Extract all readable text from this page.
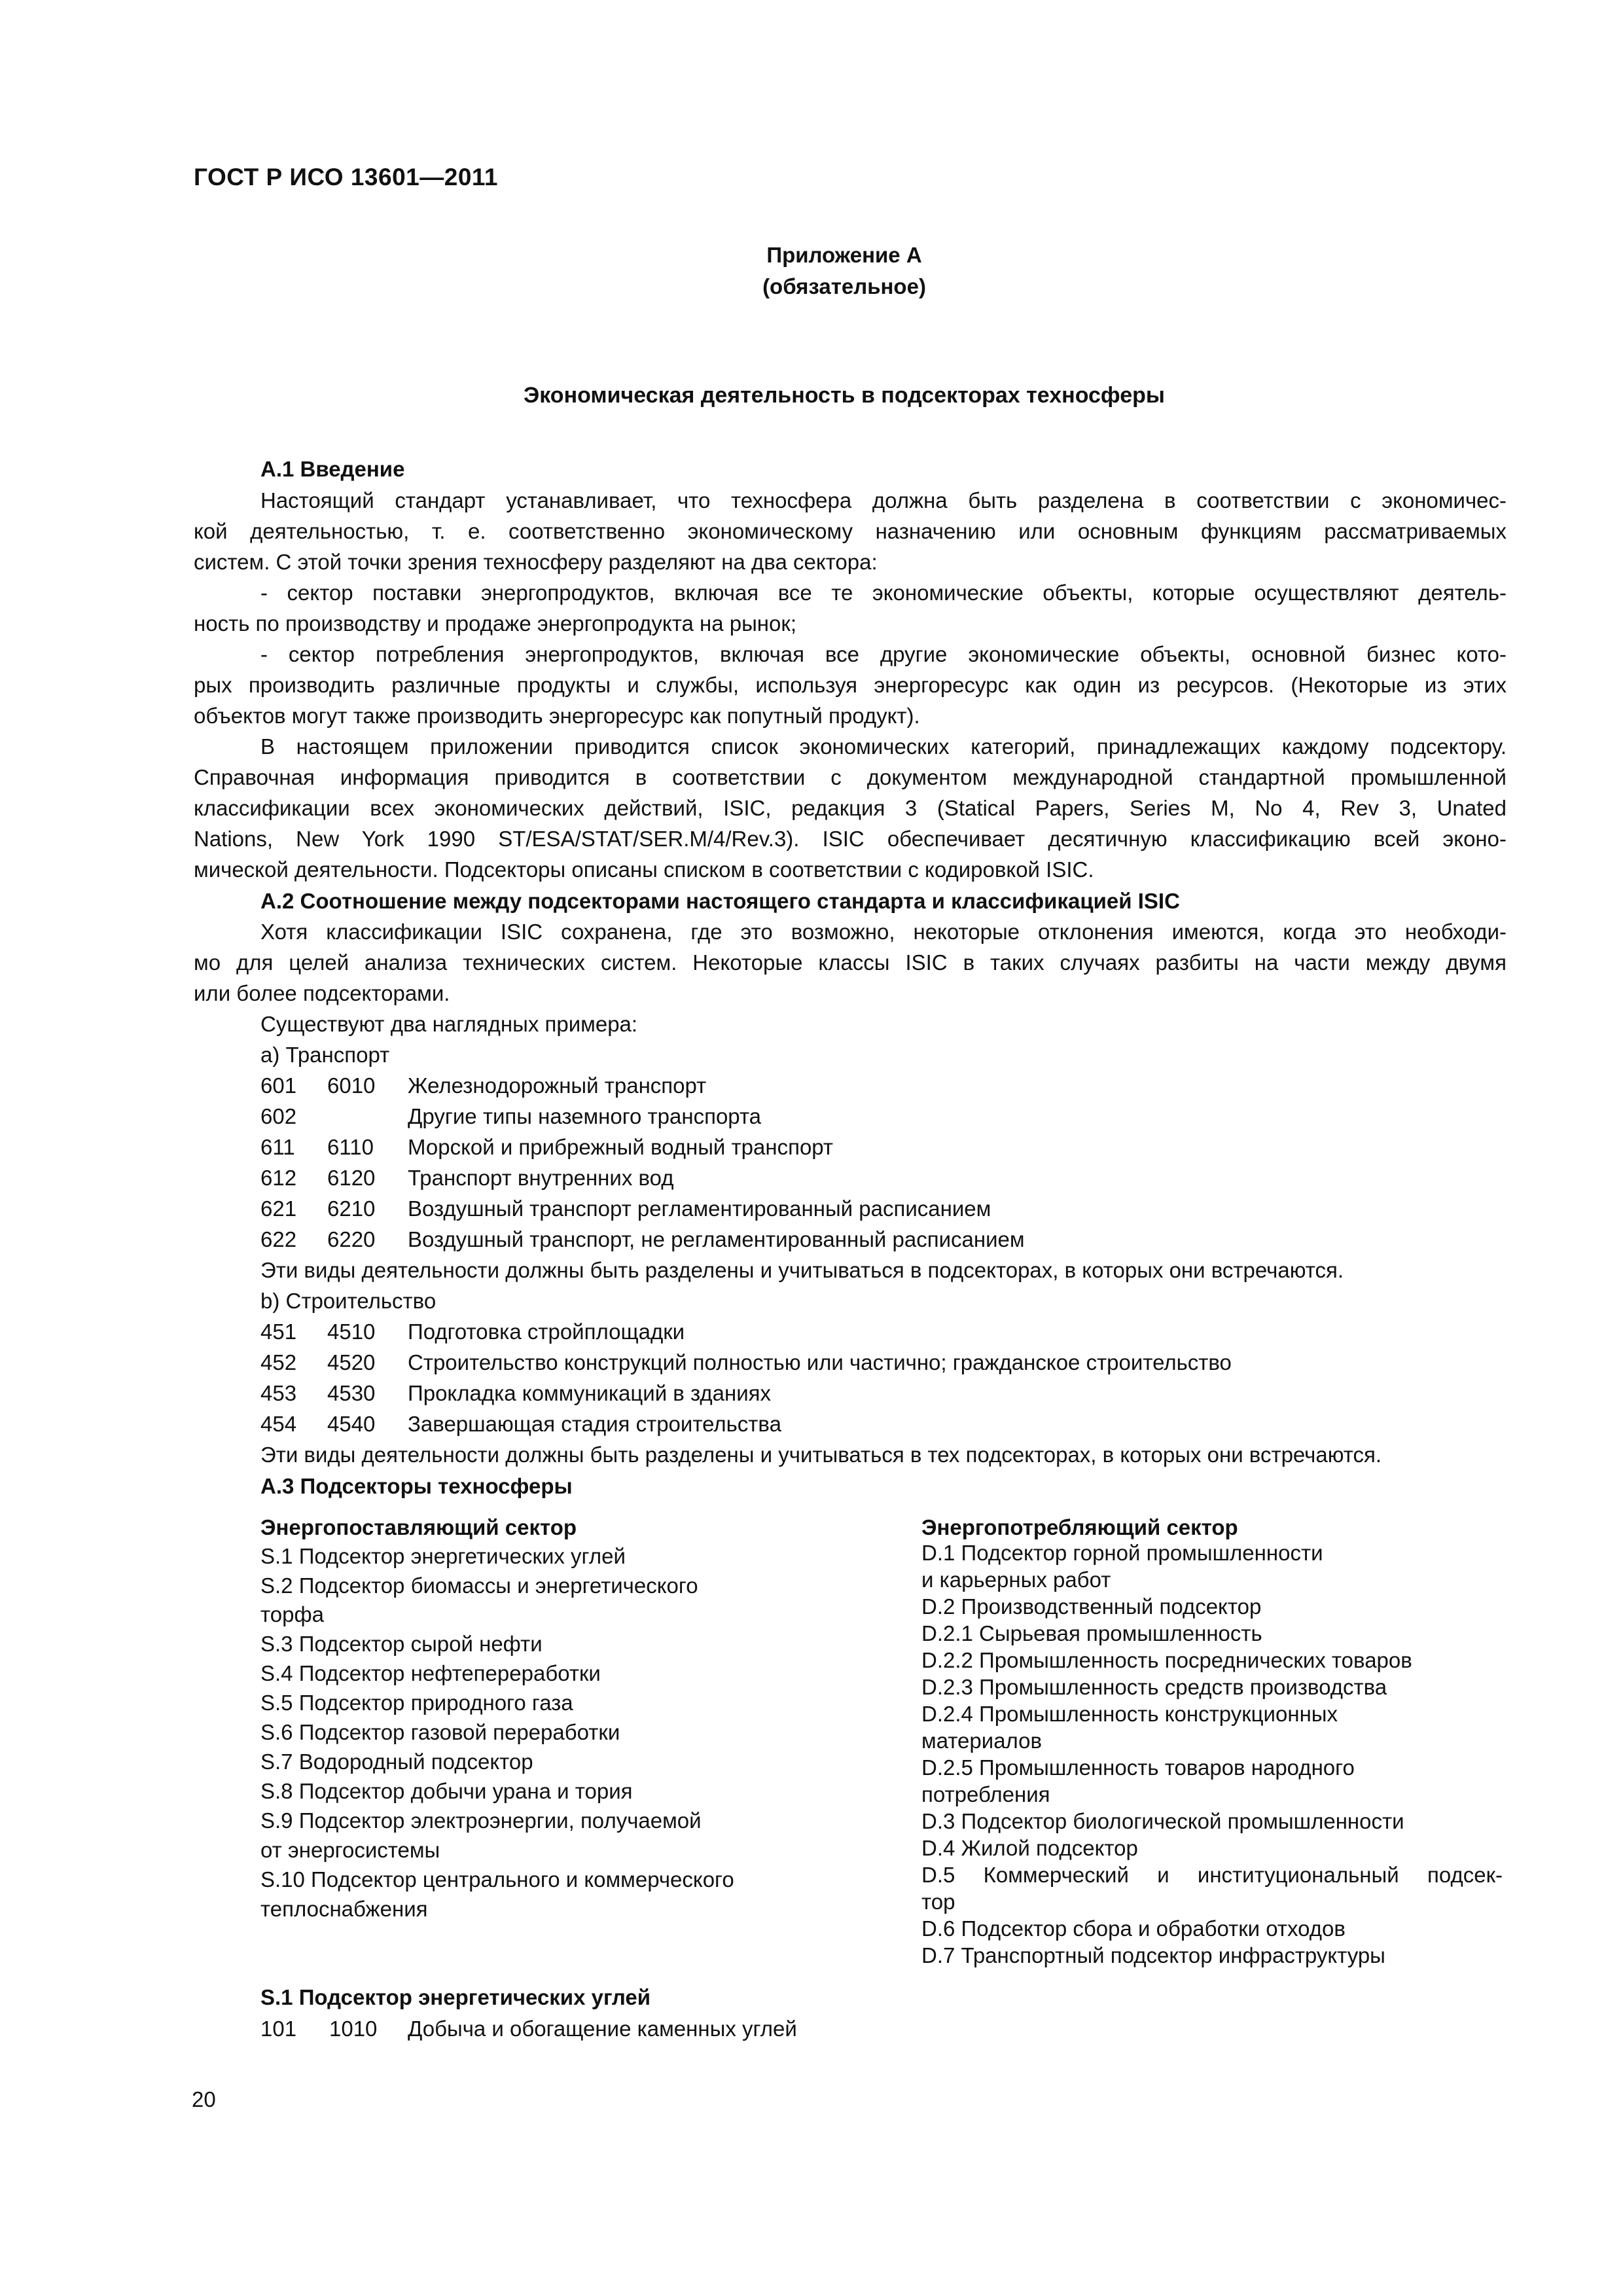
ГОСТ Р ИСО 13601—2011
Приложение А
(обязательное)
Экономическая деятельность в подсекторах техносферы
А.1 Введение
Настоящий стандарт устанавливает, что техносфера должна быть разделена в соответствии с экономичес-
кой деятельностью, т. е. соответственно экономическому назначению или основным функциям рассматриваемых
систем. С этой точки зрения техносферу разделяют на два сектора:
- сектор поставки энергопродуктов, включая все те экономические объекты, которые осуществляют деятель-
ность по производству и продаже энергопродукта на рынок;
- сектор потребления энергопродуктов, включая все другие экономические объекты, основной бизнес кото-
рых производить различные продукты и службы, используя энергоресурс как один из ресурсов. (Некоторые из этих
объектов могут также производить энергоресурс как попутный продукт).
В настоящем приложении приводится список экономических категорий, принадлежащих каждому подсектору.
Справочная информация приводится в соответствии с документом международной стандартной промышленной
классификации всех экономических действий, ISIC, редакция 3 (Statical Papers, Series M, No 4, Rev 3, Unated
Nations, New York 1990 ST/ESA/STAT/SER.M/4/Rev.3). ISIC обеспечивает десятичную классификацию всей эконо-
мической деятельности. Подсекторы описаны списком в соответствии с кодировкой ISIC.
А.2 Соотношение между подсекторами настоящего стандарта и классификацией ISIC
Хотя классификации ISIC сохранена, где это возможно, некоторые отклонения имеются, когда это необходи-
мо для целей анализа технических систем. Некоторые классы ISIC в таких случаях разбиты на части между двумя
или более подсекторами.
Существуют два наглядных примера:
a) Транспорт
601 6010 Железнодорожный транспорт
602	Другие типы наземного транспорта
611 6110 Морской и прибрежный водный транспорт
612 6120 Транспорт внутренних вод
621 6210 Воздушный транспорт регламентированный расписанием
622 6220 Воздушный транспорт, не регламентированный расписанием
Эти виды деятельности должны быть разделены и учитываться в подсекторах, в которых они встречаются.
b) Строительство
451 4510 Подготовка стройплощадки
452 4520 Строительство конструкций полностью или частично; гражданское строительство
453 4530 Прокладка коммуникаций в зданиях
454 4540 Завершающая стадия строительства
Эти виды деятельности должны быть разделены и учитываться в тех подсекторах, в которых они встречаются.
А.3 Подсекторы техносферы
Энергопоставляющий сектор
S.1 Подсектор энергетических углей
S.2 Подсектор биомассы и энергетического
торфа
S.3 Подсектор сырой нефти
S.4 Подсектор нефтепереработки
S.5 Подсектор природного газа
S.6 Подсектор газовой переработки
S.7 Водородный подсектор
S.8 Подсектор добычи урана и тория
S.9 Подсектор электроэнергии, получаемой
от энергосистемы
S.10 Подсектор центрального и коммерческого
теплоснабжения
Энергопотребляющий сектор
D.1 Подсектор горной промышленности
и карьерных работ
D.2 Производственный подсектор
D.2.1 Сырьевая промышленность
D.2.2 Промышленность посреднических товаров
D.2.3 Промышленность средств производства
D.2.4 Промышленность конструкционных
материалов
D.2.5 Промышленность товаров народного
потребления
D.3 Подсектор биологической промышленности
D.4 Жилой подсектор
D.5 Коммерческий и институциональный подсек-
тор
D.6 Подсектор сбора и обработки отходов
D.7 Транспортный подсектор инфраструктуры
S.1 Подсектор энергетических углей
101 1010 Добыча и обогащение каменных углей
20
